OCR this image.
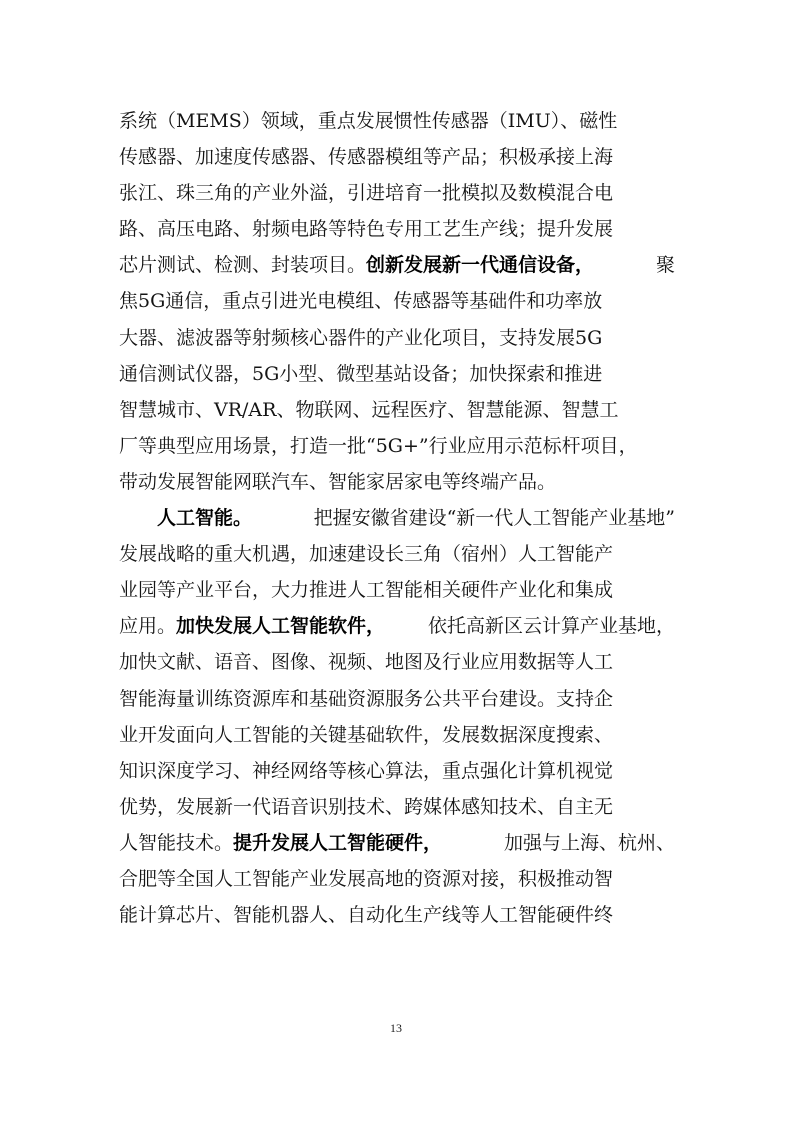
系统（MEMS）领域，重点发展惯性传感器（IMU）、磁性
传感器、加速度传感器、传感器模组等产品；积极承接上海
张江、珠三角的产业外溢，引进培育一批模拟及数模混合电
路、高压电路、射频电路等特色专用工艺生产线；提升发展
芯片测试、检测、封装项目。创新发展新一代通信设备，	聚
焦5G通信，重点引进光电模组、传感器等基础件和功率放
大器、滤波器等射频核心器件的产业化项目，支持发展5G
通信测试仪器，5G小型、微型基站设备；加快探索和推进
智慧城市、VR/AR、物联网、远程医疗、智慧能源、智慧工
厂等典型应用场景，打造一批“5G+”行业应用示范标杆项目，
带动发展智能网联汽车、智能家居家电等终端产品。
人工智能。	把握安徽省建设“新一代人工智能产业基地”
发展战略的重大机遇，加速建设长三角（宿州）人工智能产
业园等产业平台，大力推进人工智能相关硬件产业化和集成
应用。加快发展人工智能软件， 依托高新区云计算产业基地，
加快文献、语音、图像、视频、地图及行业应用数据等人工
智能海量训练资源库和基础资源服务公共平台建设。支持企
业开发面向人工智能的关键基础软件，发展数据深度搜索、
知识深度学习、神经网络等核心算法，重点强化计算机视觉
优势，发展新一代语音识别技术、跨媒体感知技术、自主无
人智能技术。提升发展人工智能硬件，	加强与上海、杭州、
合肥等全国人工智能产业发展高地的资源对接，积极推动智
能计算芯片、智能机器人、自动化生产线等人工智能硬件终
13
